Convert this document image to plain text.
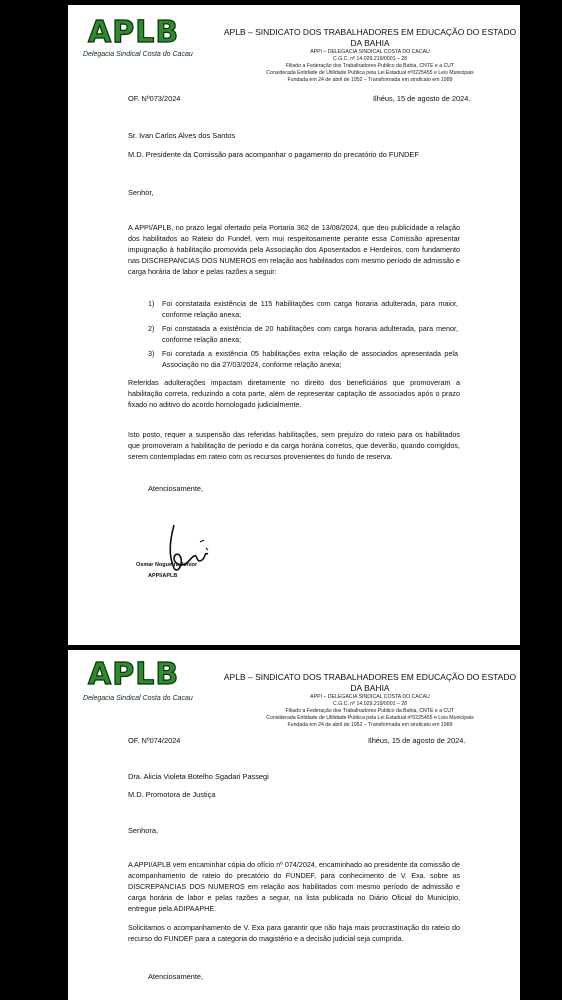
APLB
Delegacia Sindical Costa do Cacau
APLB – SINDICATO DOS TRABALHADORES EM EDUCAÇÃO DO ESTADO DA BAHIA
APPI – DELEGACIA SINDICAL COSTA DO CACAU
C.G.C. nº 14.029.219/0001 – 28
Filiado a Federação dos Trabalhadores Publico da Bahia, CNTE e a CUT
Considerada Entidade de Utilidade Publica pela Lei Estadual nº0225455 e Leis Municipais
Fundada em 24 de abril de 1952 – Transformada em sindicato em 1989
OF. Nº073/2024	Ilhéus, 15 de agosto de 2024.
Sr. Ivan Carlos Alves dos Santos
M.D. Presidente da Comissão para acompanhar o pagamento do precatório do FUNDEF
Senhor,
A APPI/APLB, no prazo legal ofertado pela Portaria 362 de 13/08/2024, que deu publicidade a relação dos habilitados ao Rateio do Fundef, vem mui respeitosamente perante essa Comissão apresentar impugnação à habilitação promovida pela Associação dos Aposentados e Herdeiros, com fundamento nas DISCREPANCIAS DOS NUMEROS em relação aos habilitados com mesmo período de admissão e carga horária de labor e pelas razões a seguir:
1)	Foi constatada existência de 115 habilitações com carga horaria adulterada, para maior, conforme relação anexa;
2)	Foi constatada a existência de 20 habilitações com carga horaria adulterada, para menor, conforme relação anexa;
3)	Foi constada a existência 05 habilitações extra relação de associados apresentada pela Associação no dia 27/03/2024, conforme relação anexa;
Referidas adulterações impactam diretamente no direito dos beneficiários que promoveram a habilitação correta, reduzindo a cota parte, além de representar captação de associados após o prazo fixado no aditivo do acordo homologado judicialmente.
Isto posto, requer a suspensão das referidas habilitações, sem prejuízo do rateio para os habilitados que promoveram a habilitação de período e da carga horária corretos, que deverão, quando corrigidos, serem contempladas em rateio com os recursos provenientes do fundo de reserva.
Atenciosamente,
Osmar Nogueira Junior
APPI/APLB
APLB
Delegacia Sindical Costa do Cacau
APLB – SINDICATO DOS TRABALHADORES EM EDUCAÇÃO DO ESTADO DA BAHIA
APPI – DELEGACIA SINDICAL COSTA DO CACAU
C.G.C. nº 14.029.219/0001 – 28
Filiado a Federação dos Trabalhadores Publico da Bahia, CNTE e a CUT
Considerada Entidade de Utilidade Publica pela Lei Estadual nº0225455 e Leis Municipais
Fundada em 24 de abril de 1952 – Transformada em sindicato em 1989
OF. Nº074/2024	Ilhéus, 15 de agosto de 2024.
Dra. Alicia Violeta Botelho Sgadari Passegi
M.D. Promotora de Justiça
Senhora,
A APPI/APLB vem encaminhar cópia do ofício nº 074/2024, encaminhado ao presidente da comissão de acompanhamento de rateio do precatório do FUNDEF, para conhecimento de V. Exa. sobre as DISCREPANCIAS DOS NUMEROS em relação aos habilitados com mesmo período de admissão e carga horária de labor e pelas razões a seguir, na lista publicada no Diário Oficial do Município, entregue pela ADIPAAPHE.
Solicitamos o acompanhamento de V. Exa para garantir que não haja mais procrastinação do rateio do recurso do FUNDEF para a categoria do magistério e a decisão judicial seja cumprida.
Atenciosamente,
